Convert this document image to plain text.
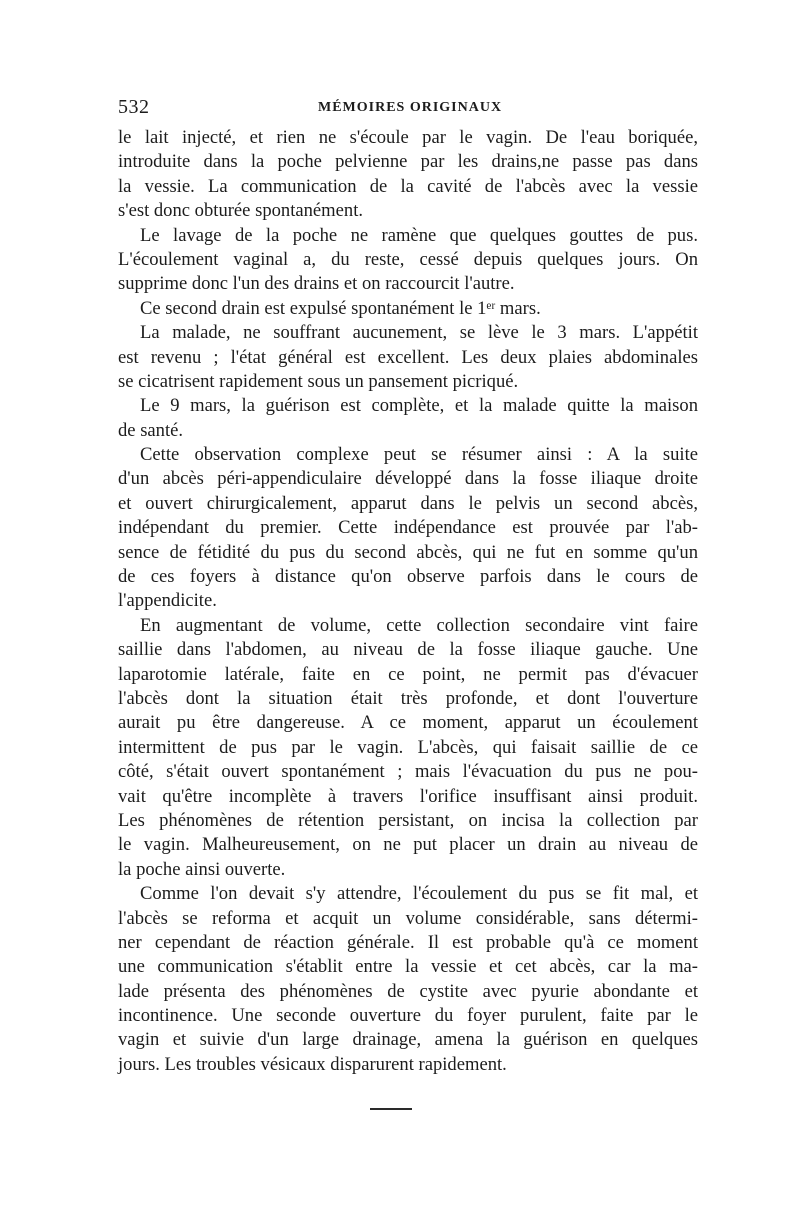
532	MÉMOIRES ORIGINAUX
le lait injecté, et rien ne s'écoule par le vagin. De l'eau boriquée,
introduite dans la poche pelvienne par les drains,ne passe pas dans
la vessie. La communication de la cavité de l'abcès avec la vessie
s'est donc obturée spontanément.
Le lavage de la poche ne ramène que quelques gouttes de pus.
L'écoulement vaginal a, du reste, cessé depuis quelques jours. On
supprime donc l'un des drains et on raccourcit l'autre.
Ce second drain est expulsé spontanément le 1ᵉʳ mars.
La malade, ne souffrant aucunement, se lève le 3 mars. L'appétit
est revenu ; l'état général est excellent. Les deux plaies abdominales
se cicatrisent rapidement sous un pansement picriqué.
Le 9 mars, la guérison est complète, et la malade quitte la maison
de santé.
Cette observation complexe peut se résumer ainsi : A la suite
d'un abcès péri-appendiculaire développé dans la fosse iliaque droite
et ouvert chirurgicalement, apparut dans le pelvis un second abcès,
indépendant du premier. Cette indépendance est prouvée par l'ab-
sence de fétidité du pus du second abcès, qui ne fut en somme qu'un
de ces foyers à distance qu'on observe parfois dans le cours de
l'appendicite.
En augmentant de volume, cette collection secondaire vint faire
saillie dans l'abdomen, au niveau de la fosse iliaque gauche. Une
laparotomie latérale, faite en ce point, ne permit pas d'évacuer
l'abcès dont la situation était très profonde, et dont l'ouverture
aurait pu être dangereuse. A ce moment, apparut un écoulement
intermittent de pus par le vagin. L'abcès, qui faisait saillie de ce
côté, s'était ouvert spontanément ; mais l'évacuation du pus ne pou-
vait qu'être incomplète à travers l'orifice insuffisant ainsi produit.
Les phénomènes de rétention persistant, on incisa la collection par
le vagin. Malheureusement, on ne put placer un drain au niveau de
la poche ainsi ouverte.
Comme l'on devait s'y attendre, l'écoulement du pus se fit mal, et
l'abcès se reforma et acquit un volume considérable, sans détermi-
ner cependant de réaction générale. Il est probable qu'à ce moment
une communication s'établit entre la vessie et cet abcès, car la ma-
lade présenta des phénomènes de cystite avec pyurie abondante et
incontinence. Une seconde ouverture du foyer purulent, faite par le
vagin et suivie d'un large drainage, amena la guérison en quelques
jours. Les troubles vésicaux disparurent rapidement.
